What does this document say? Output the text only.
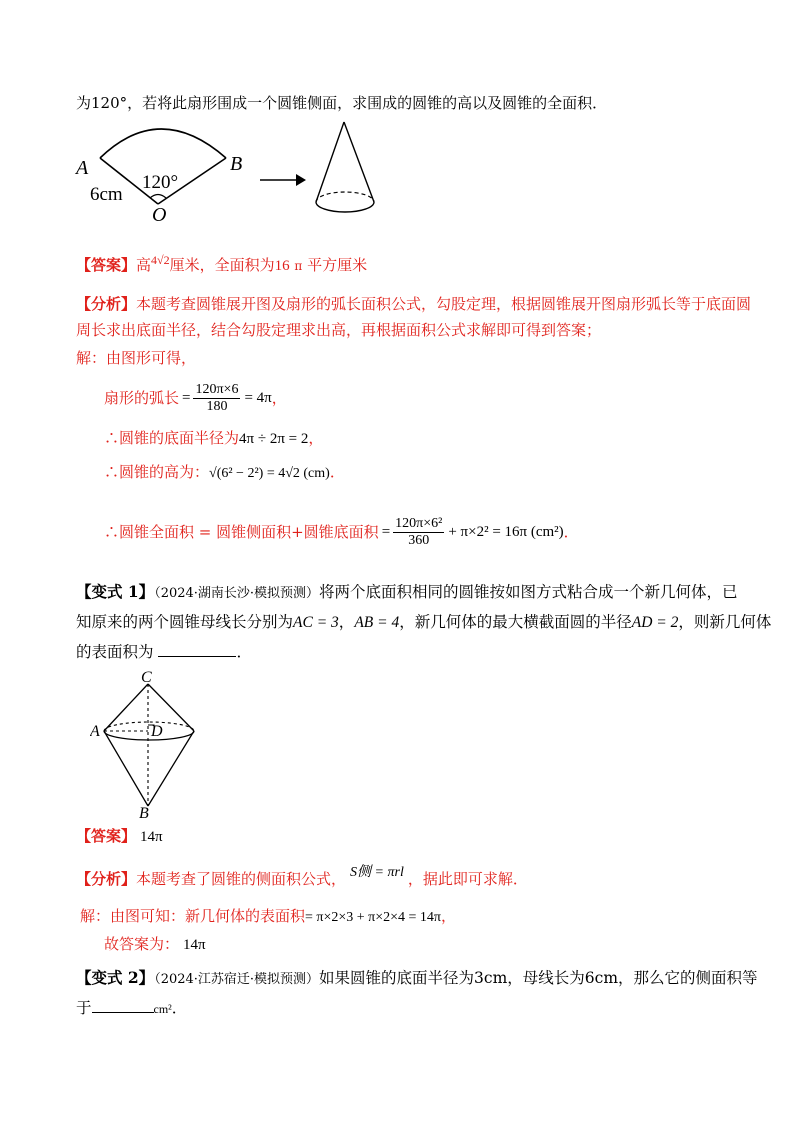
为120°，若将此扇形围成一个圆锥侧面，求围成的圆锥的高以及圆锥的全面积．
A	B
O
6cm
120°
【答案】高$^{4√2}$厘米，全面积为16 π 平方厘米
【分析】本题考查圆锥展开图及扇形的弧长面积公式，勾股定理，根据圆锥展开图扇形弧长等于底面圆
周长求出底面半径，结合勾股定理求出高，再根据面积公式求解即可得到答案；
解：由图形可得，
扇形的弧长 = $\frac{120\pi\times 6}{180} = 4\pi$ ，
∴圆锥的底面半径为4π ÷ 2π = 2，
∴圆锥的高为：√(6² − 2²) = 4√2 (cm)．
∴圆锥全面积 = 圆锥侧面积+圆锥底面积 = $\frac{\text{120π×6²}}{360} + \pi\times 2^2 = 16\pi$ (cm²) ．
【变式 1】（2024·湖南长沙·模拟预测）将两个底面积相同的圆锥按如图方式粘合成一个新几何体，已
知原来的两个圆锥母线长分别为AC = 3，AB = 4，新几何体的最大横截面圆的半径AD = 2，则新几何体
的表面积为	．
C
A	D
B
【答案】 14π
【分析】 本题考查了圆锥的侧面积公式， S侧 = πrl ，据此即可求解．
解：由图可知：新几何体的表面积= π×2×3 + π×2×4 = 14π，
故答案为： 14π
【变式 2】（2024·江苏宿迁·模拟预测）如果圆锥的底面半径为3cm，母线长为6cm，那么它的侧面积等
于	cm²．
